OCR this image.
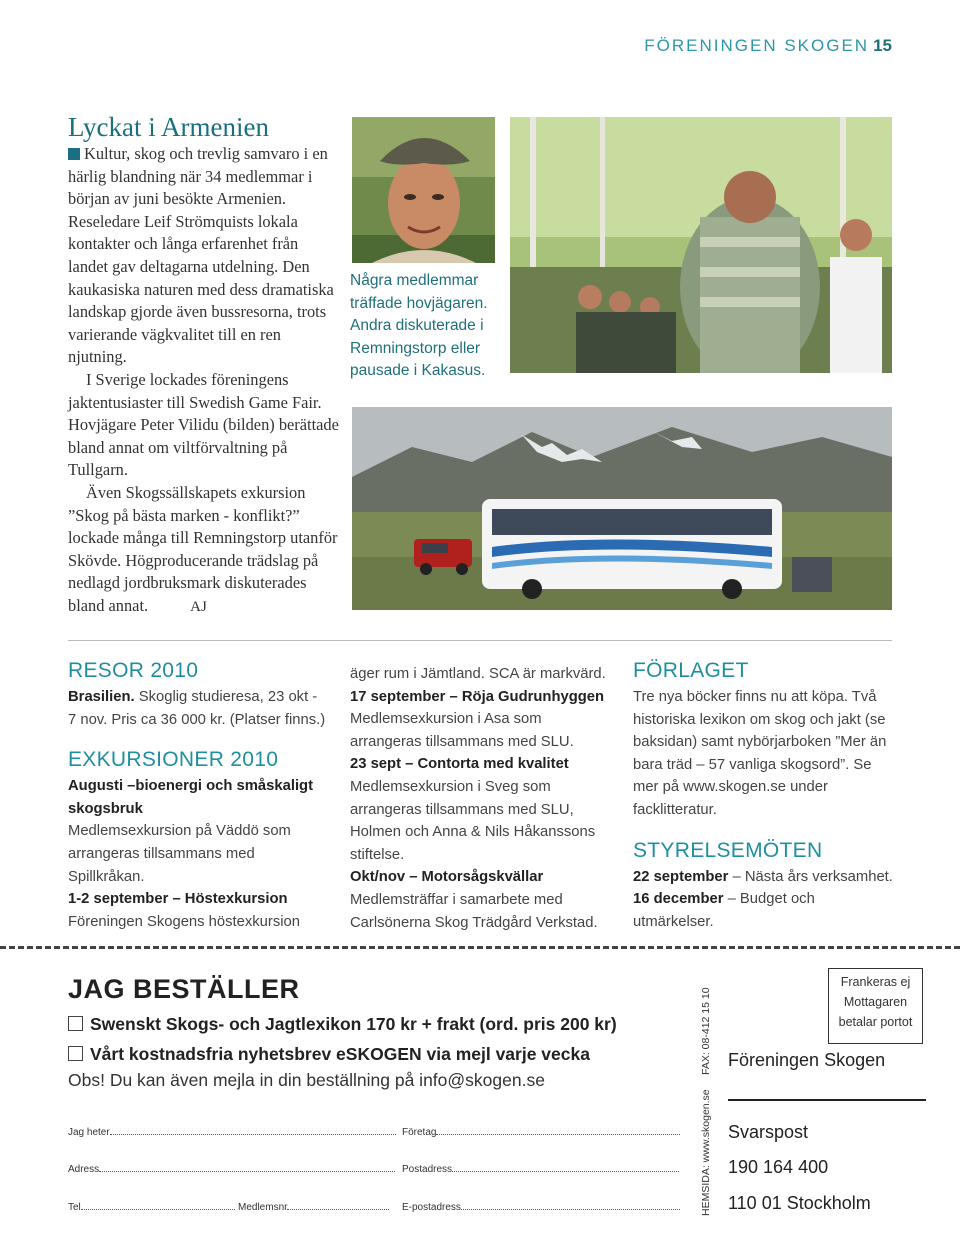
FÖRENINGEN SKOGEN 15
Lyckat i Armenien

Kultur, skog och trevlig samvaro i en härlig blandning när 34 medlemmar i början av juni besökte Armenien. Reseledare Leif Strömquists lokala kontakter och långa erfarenhet från landet gav deltagarna utdelning. Den kaukasiska naturen med dess dramatiska landskap gjorde även bussresorna, trots varierande vägkvalitet till en ren njutning.

I Sverige lockades föreningens jaktentusiaster till Swedish Game Fair. Hovjägare Peter Vilidu (bilden) berättade bland annat om viltförvaltning på Tullgarn.

Även Skogssällskapets exkursion ”Skog på bästa marken - konflikt?” lockade många till Remningstorp utanför Skövde. Högproducerande trädslag på nedlagd jordbruksmark diskuterades bland annat.	AJ

Några medlemmar träffade hovjägaren. Andra diskuterade i Remningstorp eller pausade i Kakasus.
RESOR 2010
Brasilien. Skoglig studieresa, 23 okt - 7 nov. Pris ca 36 000 kr. (Platser finns.)
EXKURSIONER 2010
Augusti –bioenergi och småskaligt skogsbruk
Medlemsexkursion på Väddö som arrangeras tillsammans med Spillkråkan.
1-2 september – Höstexkursion
Föreningen Skogens höstexkursion
äger rum i Jämtland. SCA är markvärd.
17 september – Röja Gudrunhyggen
Medlemsexkursion i Asa som arrangeras tillsammans med SLU.
23 sept – Contorta med kvalitet
Medlemsexkursion i Sveg som arrangeras tillsammans med SLU, Holmen och Anna & Nils Håkanssons stiftelse.
Okt/nov – Motorsågskvällar
Medlemsträffar i samarbete med Carlsönerna Skog Trädgård Verkstad.
FÖRLAGET
Tre nya böcker finns nu att köpa. Två historiska lexikon om skog och jakt (se baksidan) samt nybörjarboken ”Mer än bara träd – 57 vanliga skogsord”. Se mer på www.skogen.se under facklitteratur.
STYRELSEMÖTEN
22 september – Nästa års verksamhet.
16 december – Budget och utmärkelser.
JAG BESTÄLLER
Swenskt Skogs- och Jagtlexikon 170 kr + frakt (ord. pris 200 kr)
Vårt kostnadsfria nyhetsbrev eSKOGEN via mejl varje vecka
Obs! Du kan även mejla in din beställning på info@skogen.se
Jag heter	Företag
Adress	Postadress
Tel	Medlemsnr	E-postadress	HEMSIDA: www.skogen.se
FAX: 08-412 15 10
Frankeras ej
Mottagaren
betalar portot
Föreningen Skogen
Svarspost
190 164 400
110 01 Stockholm
